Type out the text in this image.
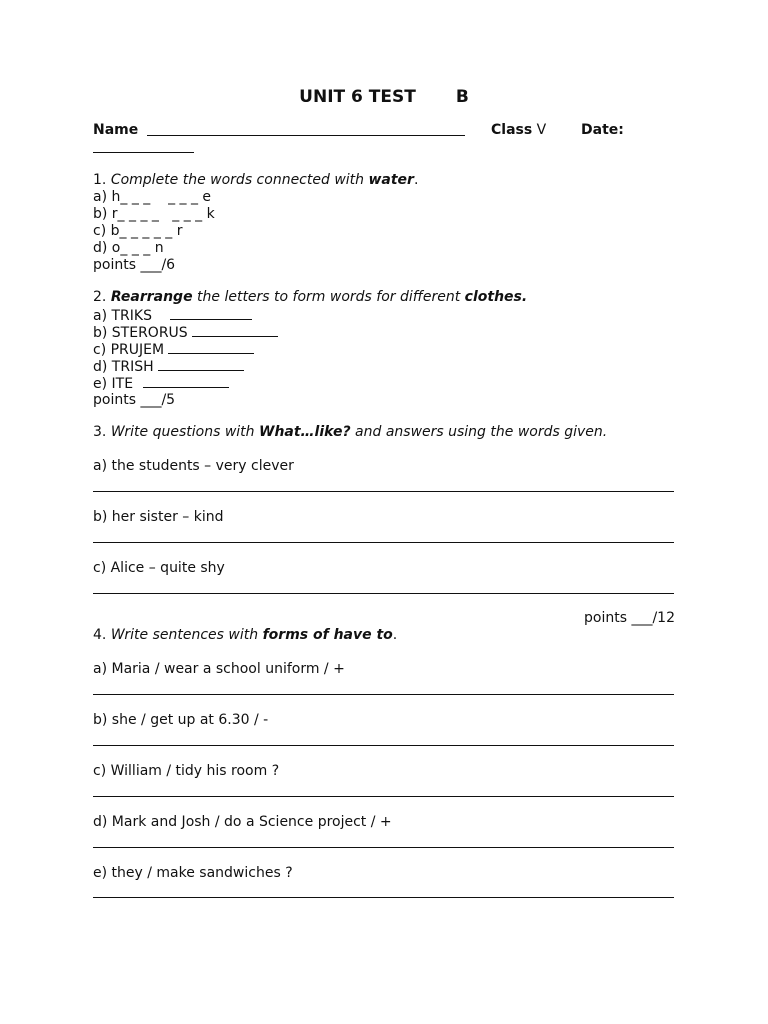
UNIT 6 TEST B
Name	Class V Date:
1. Complete the words connected with water.
a) h_ _ _    _ _ _ e
b) r_ _ _ _   _ _ _ k
c) b_ _ _ _ _ r
d) o_ _ _ n
points ___/6
2. Rearrange the letters to form words for different clothes.
a) TRIKS
b) STERORUS
c) PRUJEM
d) TRISH
e) ITE
points ___/5
3. Write questions with What…like? and answers using the words given.
a) the students – very clever
b) her sister – kind
c) Alice – quite shy
points ___/12
4. Write sentences with forms of have to.
a) Maria / wear a school uniform / +
b) she / get up at 6.30 / -
c) William / tidy his room ?
d) Mark and Josh / do a Science project / +
e) they / make sandwiches ?
